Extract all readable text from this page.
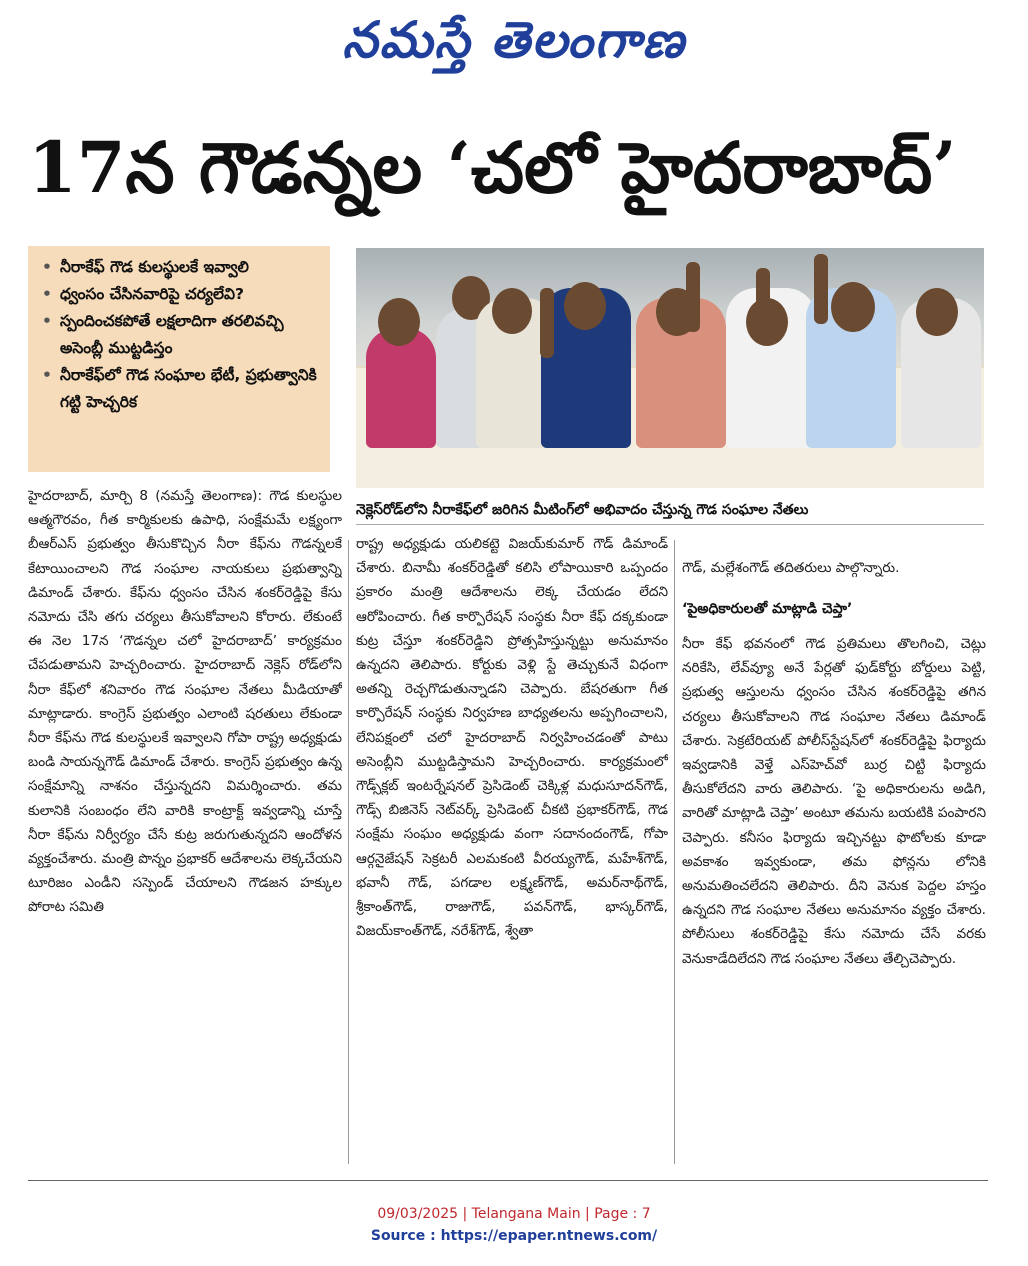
నమస్తే తెలంగాణ
17న గౌడన్నల ‘చలో హైదరాబాద్’
• నీరాకేఫ్ గౌడ కులస్థులకే ఇవ్వాలి
• ధ్వంసం చేసినవారిపై చర్యలేవి?
• స్పందించకపోతే లక్షలాదిగా తరలివచ్చి అసెంబ్లీ ముట్టడిస్తం
• నీరాకేఫ్‌లో గౌడ సంఘాల భేటీ, ప్రభుత్వానికి గట్టి హెచ్చరిక
నెక్లెస్‌రోడ్‌లోని నీరాకేఫ్‌లో జరిగిన మీటింగ్‌లో అభివాదం చేస్తున్న గౌడ సంఘాల నేతలు

హైదరాబాద్, మార్చి 8 (నమస్తే తెలంగాణ): గౌడ కులస్థుల ఆత్మగౌరవం, గీత కార్మికులకు ఉపాధి, సంక్షేమమే లక్ష్యంగా బీఆర్‌ఎస్ ప్రభుత్వం తీసుకొచ్చిన నీరా కేఫ్‌ను గౌడన్నలకే కేటాయించాలని గౌడ సంఘాల నాయకులు ప్రభుత్వాన్ని డిమాండ్ చేశారు. కేఫ్‌ను ధ్వంసం చేసిన శంకర్‌రెడ్డిపై కేసు నమోదు చేసి తగు చర్యలు తీసుకోవాలని కోరారు. లేకుంటే ఈ నెల 17న ‘గౌడన్నల చలో హైదరాబాద్’ కార్యక్రమం చేపడుతామని హెచ్చరించారు. హైదరాబాద్ నెక్లెస్ రోడ్‌లోని నీరా కేఫ్‌లో శనివారం గౌడ సంఘాల నేతలు మీడియాతో మాట్లాడారు. కాంగ్రెస్ ప్రభుత్వం ఎలాంటి షరతులు లేకుండా నీరా కేఫ్‌ను గౌడ కులస్థులకే ఇవ్వాలని గోపా రాష్ట్ర అధ్యక్షుడు బండి సాయన్నగౌడ్ డిమాండ్ చేశారు. కాంగ్రెస్ ప్రభుత్వం ఉన్న సంక్షేమాన్ని నాశనం చేస్తున్నదని విమర్శించారు. తమ కులానికి సంబంధం లేని వారికి కాంట్రాక్ట్ ఇవ్వడాన్ని చూస్తే నీరా కేఫ్‌ను నిర్వీర్యం చేసే కుట్ర జరుగుతున్నదని ఆందోళన వ్యక్తంచేశారు. మంత్రి పొన్నం ప్రభాకర్ ఆదేశాలను లెక్కచేయని టూరిజం ఎండీని సస్పెండ్ చేయాలని గౌడజన హక్కుల పోరాట సమితి

రాష్ట్ర అధ్యక్షుడు యలికట్టె విజయ్‌కుమార్ గౌడ్ డిమాండ్ చేశారు. బినామీ శంకర్‌రెడ్డితో కలిసి లోపాయికారి ఒప్పందం ప్రకారం మంత్రి ఆదేశాలను లెక్క చేయడం లేదని ఆరోపించారు. గీత కార్పొరేషన్ సంస్థకు నీరా కేఫ్ దక్కకుండా కుట్ర చేస్తూ శంకర్‌రెడ్డిని ప్రోత్సహిస్తున్నట్టు అనుమానం ఉన్నదని తెలిపారు. కోర్టుకు వెళ్లి స్టే తెచ్చుకునే విధంగా అతన్ని రెచ్చగొడుతున్నాడని చెప్పారు. బేషరతుగా గీత కార్పొరేషన్ సంస్థకు నిర్వహణ బాధ్యతలను అప్పగించాలని, లేనిపక్షంలో చలో హైదరాబాద్ నిర్వహించడంతో పాటు అసెంబ్లీని ముట్టడిస్తామని హెచ్చరించారు. కార్యక్రమంలో గౌడ్స్‌క్లబ్ ఇంటర్నేషనల్ ప్రెసిడెంట్ చెక్కిళ్ల మధుసూదన్‌గౌడ్, గౌడ్స్ బిజినెస్ నెట్‌వర్క్ ప్రెసిడెంట్ చీకటి ప్రభాకర్‌గౌడ్, గౌడ సంక్షేమ సంఘం అధ్యక్షుడు వంగా సదానందంగౌడ్, గోపా ఆర్గనైజేషన్ సెక్రటరీ ఎలమకంటి వీరయ్యగౌడ్, మహేశ్‌గౌడ్, భవానీ గౌడ్, పగడాల లక్ష్మణ్‌గౌడ్, అమర్‌నాథ్‌గౌడ్, శ్రీకాంత్‌గౌడ్, రాజుగౌడ్, పవన్‌గౌడ్, భాస్కర్‌గౌడ్, విజయ్‌కాంత్‌గౌడ్, నరేశ్‌గౌడ్, శ్వేతా

గౌడ్, మల్లేశంగౌడ్ తదితరులు పాల్గొన్నారు.

‘పైఅధికారులతో మాట్లాడి చెప్తా’

నీరా కేఫ్ భవనంలో గౌడ ప్రతిమలు తొలగించి, చెట్లు నరికేసి, లేవ్‌వ్యూ అనే పేర్లతో ఫుడ్‌కోర్టు బోర్డులు పెట్టి, ప్రభుత్వ ఆస్తులను ధ్వంసం చేసిన శంకర్‌రెడ్డిపై తగిన చర్యలు తీసుకోవాలని గౌడ సంఘాల నేతలు డిమాండ్ చేశారు. సెక్రటేరియట్ పోలీస్‌స్టేషన్‌లో శంకర్‌రెడ్డిపై ఫిర్యాదు ఇవ్వడానికి వెళ్తే ఎస్‌హెచ్‌వో బుర్ర చిట్టి ఫిర్యాదు తీసుకోలేదని వారు తెలిపారు. ‘పై అధికారులను అడిగి, వారితో మాట్లాడి చెప్తా’ అంటూ తమను బయటికి పంపారని చెప్పారు. కనీసం ఫిర్యాదు ఇచ్చినట్టు ఫొటోలకు కూడా అవకాశం ఇవ్వకుండా, తమ ఫోన్లను లోనికి అనుమతించలేదని తెలిపారు. దీని వెనుక పెద్దల హస్తం ఉన్నదని గౌడ సంఘాల నేతలు అనుమానం వ్యక్తం చేశారు. పోలీసులు శంకర్‌రెడ్డిపై కేసు నమోదు చేసే వరకు వెనుకాడేదిలేదని గౌడ సంఘాల నేతలు తేల్చిచెప్పారు.

09/03/2025 | Telangana Main | Page : 7
Source : https://epaper.ntnews.com/
